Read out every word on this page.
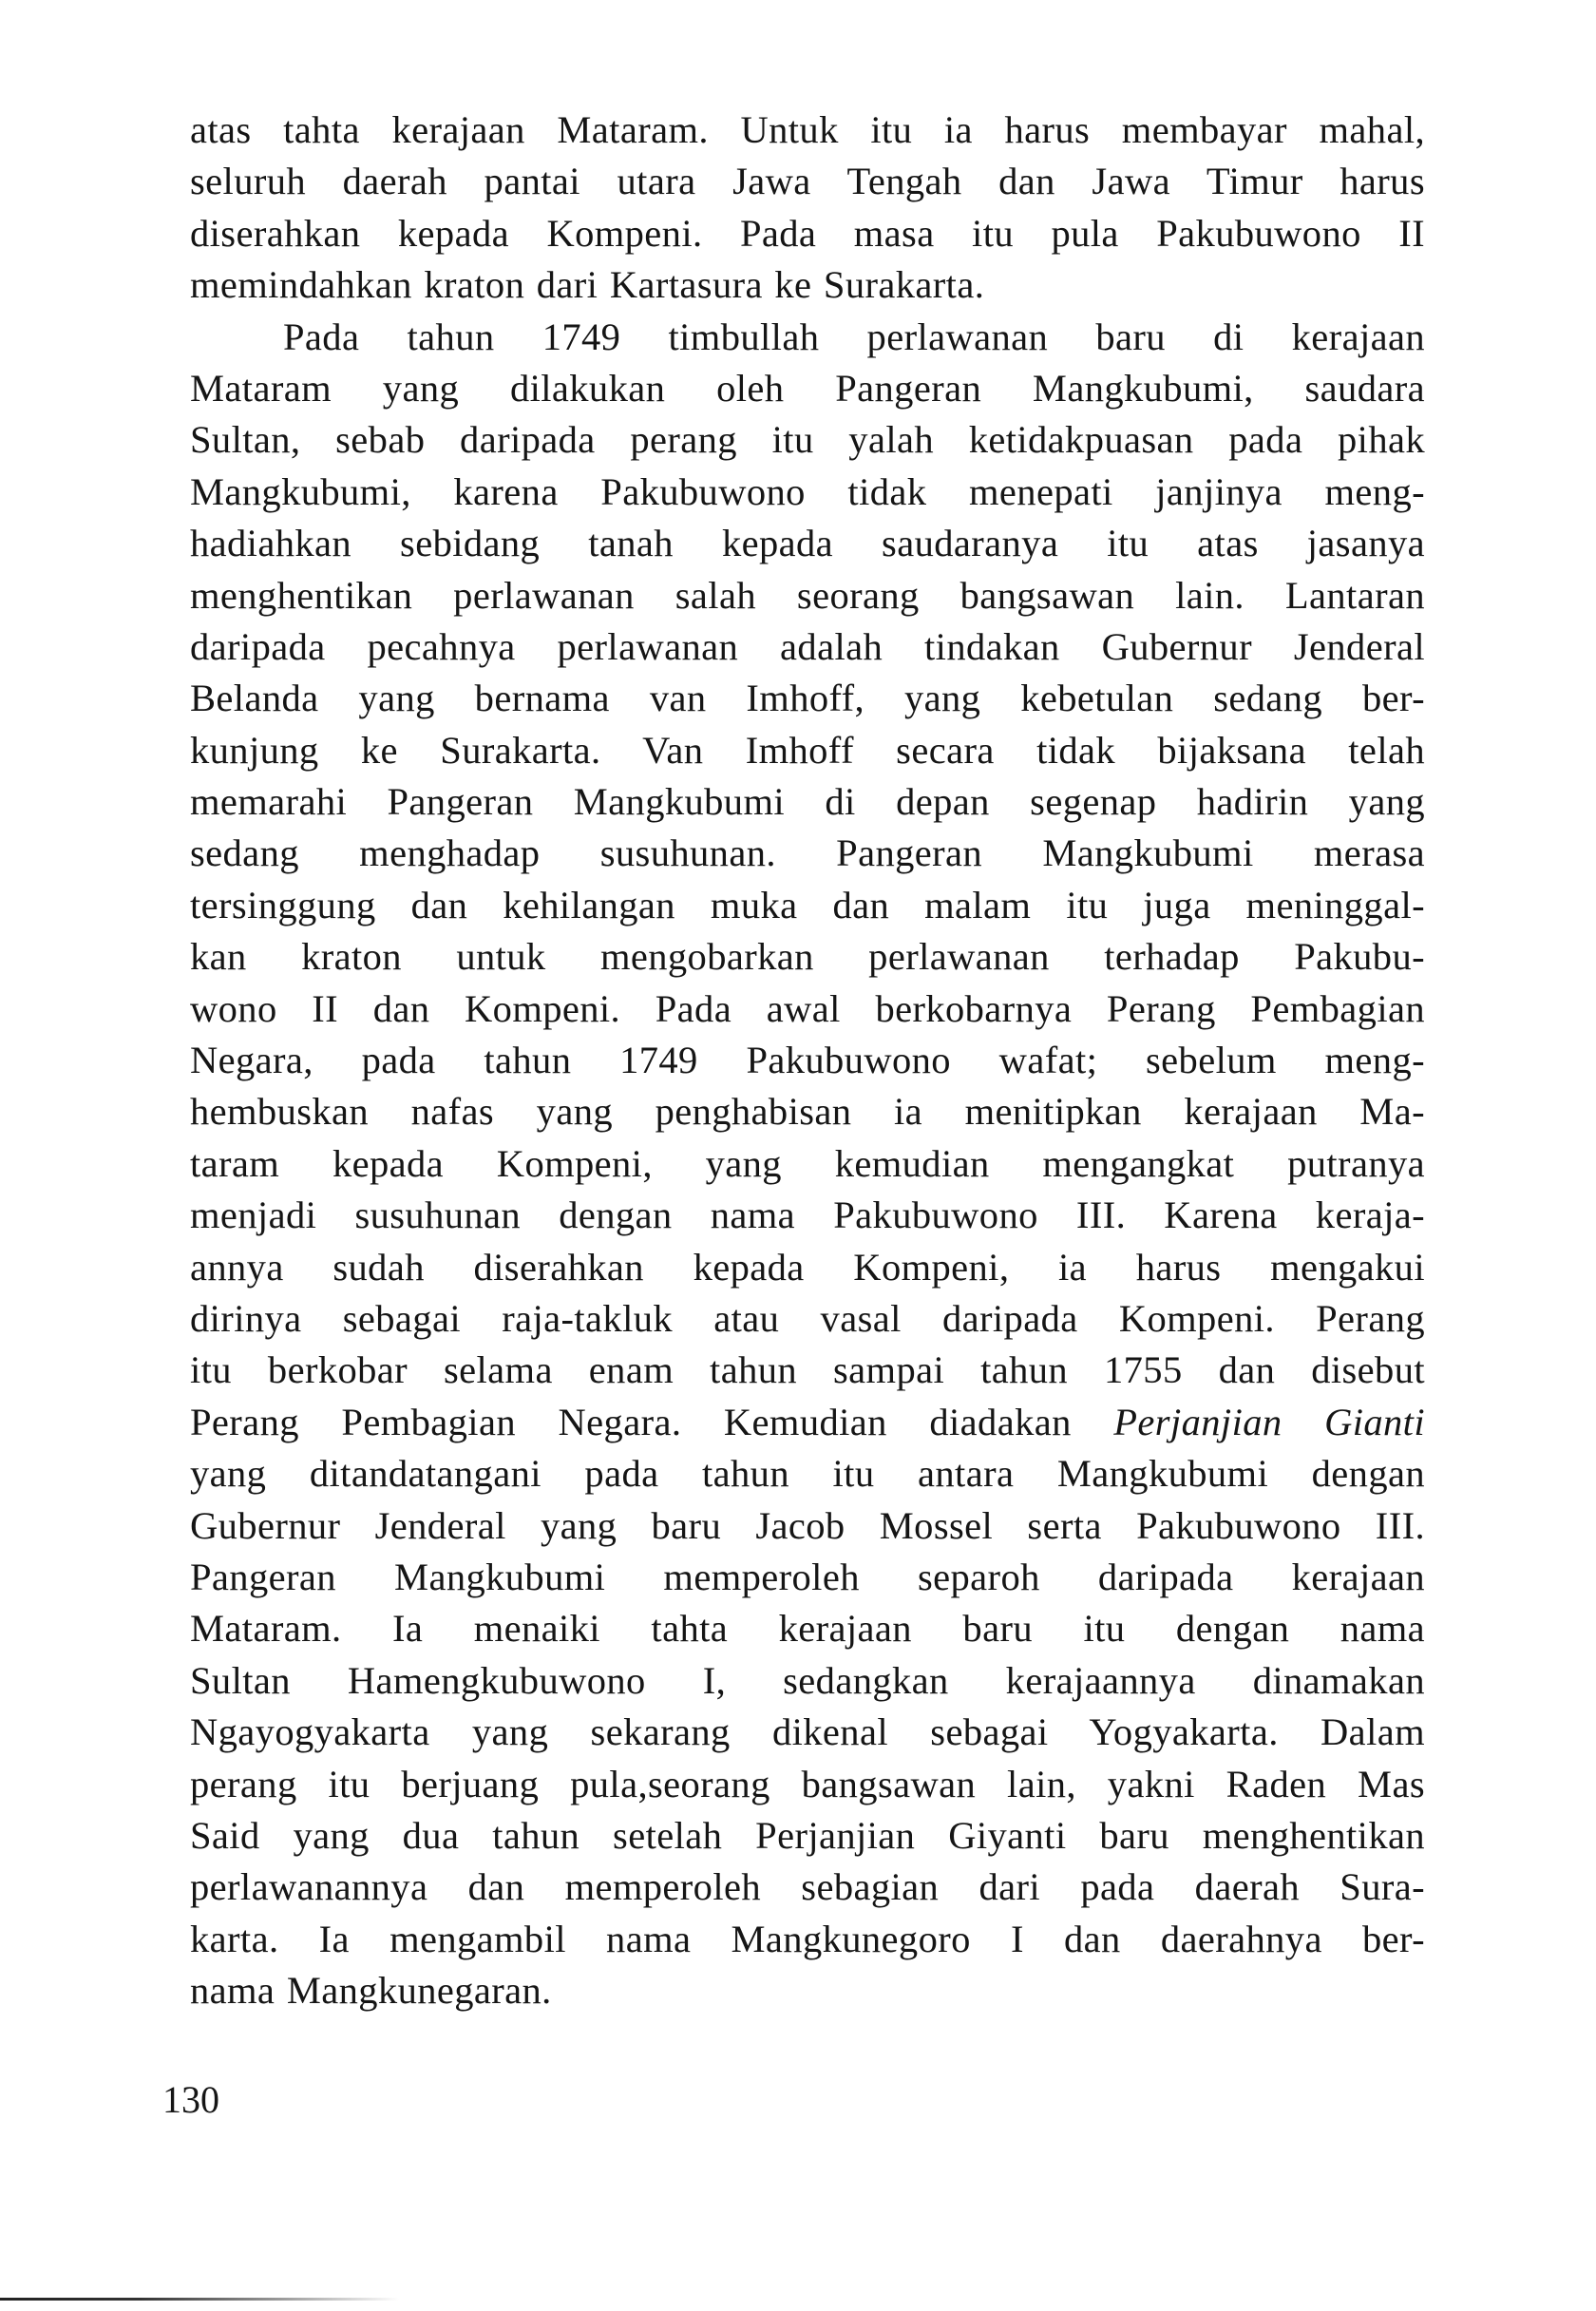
atas tahta kerajaan Mataram. Untuk itu ia harus membayar mahal,
seluruh daerah pantai utara Jawa Tengah dan Jawa Timur harus
diserahkan kepada Kompeni. Pada masa itu pula Pakubuwono II
memindahkan kraton dari Kartasura ke Surakarta.
Pada tahun 1749 timbullah perlawanan baru di kerajaan
Mataram yang dilakukan oleh Pangeran Mangkubumi, saudara
Sultan, sebab daripada perang itu yalah ketidakpuasan pada pihak
Mangkubumi, karena Pakubuwono tidak menepati janjinya meng-
hadiahkan sebidang tanah kepada saudaranya itu atas jasanya
menghentikan perlawanan salah seorang bangsawan lain. Lantaran
daripada pecahnya perlawanan adalah tindakan Gubernur Jenderal
Belanda yang bernama van Imhoff, yang kebetulan sedang ber-
kunjung ke Surakarta. Van Imhoff secara tidak bijaksana telah
memarahi Pangeran Mangkubumi di depan segenap hadirin yang
sedang menghadap susuhunan. Pangeran Mangkubumi merasa
tersinggung dan kehilangan muka dan malam itu juga meninggal-
kan kraton untuk mengobarkan perlawanan terhadap Pakubu-
wono II dan Kompeni. Pada awal berkobarnya Perang Pembagian
Negara, pada tahun 1749 Pakubuwono wafat; sebelum meng-
hembuskan nafas yang penghabisan ia menitipkan kerajaan Ma-
taram kepada Kompeni, yang kemudian mengangkat putranya
menjadi susuhunan dengan nama Pakubuwono III. Karena keraja-
annya sudah diserahkan kepada Kompeni, ia harus mengakui
dirinya sebagai raja-takluk atau vasal daripada Kompeni. Perang
itu berkobar selama enam tahun sampai tahun 1755 dan disebut
Perang Pembagian Negara. Kemudian diadakan Perjanjian Gianti
yang ditandatangani pada tahun itu antara Mangkubumi dengan
Gubernur Jenderal yang baru Jacob Mossel serta Pakubuwono III.
Pangeran Mangkubumi memperoleh separoh daripada kerajaan
Mataram. Ia menaiki tahta kerajaan baru itu dengan nama
Sultan Hamengkubuwono I, sedangkan kerajaannya dinamakan
Ngayogyakarta yang sekarang dikenal sebagai Yogyakarta. Dalam
perang itu berjuang pula,seorang bangsawan lain, yakni Raden Mas
Said yang dua tahun setelah Perjanjian Giyanti baru menghentikan
perlawanannya dan memperoleh sebagian dari pada daerah Sura-
karta. Ia mengambil nama Mangkunegoro I dan daerahnya ber-
nama Mangkunegaran.
130
